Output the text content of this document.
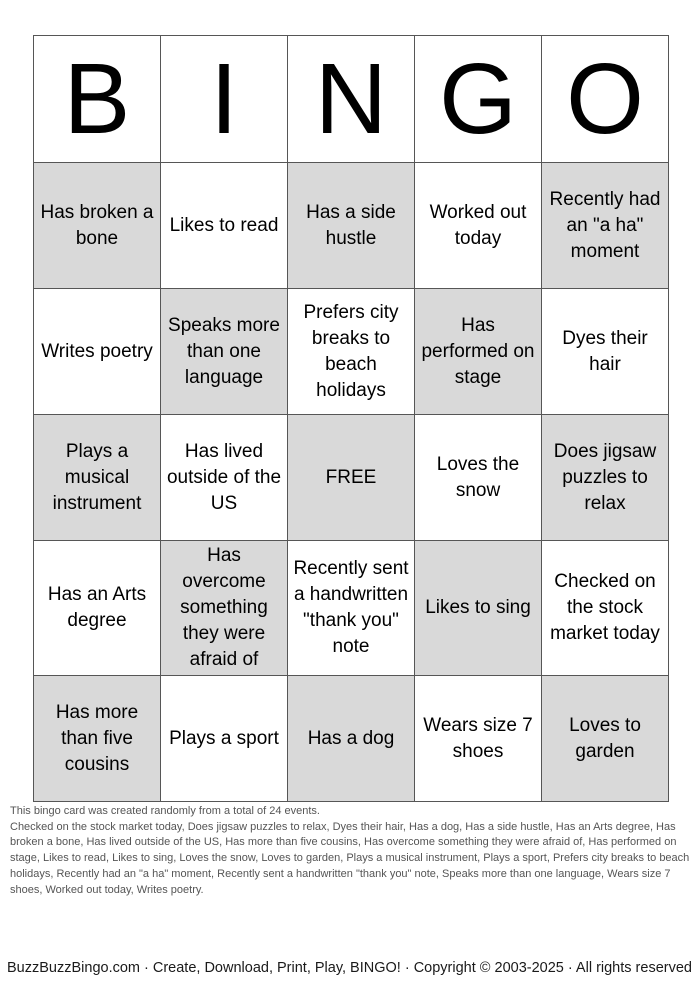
B	I	N	G	O
Has broken a bone	Likes to read	Has a side hustle	Worked out today	Recently had an "a ha" moment
Writes poetry	Speaks more than one language	Prefers city breaks to beach holidays	Has performed on stage	Dyes their hair
Plays a musical instrument	Has lived outside of the US	FREE	Loves the snow	Does jigsaw puzzles to relax
Has an Arts degree	Has overcome something they were afraid of	Recently sent a handwritten "thank you" note	Likes to sing	Checked on the stock market today
Has more than five cousins	Plays a sport	Has a dog	Wears size 7 shoes	Loves to garden
This bingo card was created randomly from a total of 24 events.
Checked on the stock market today, Does jigsaw puzzles to relax, Dyes their hair, Has a dog, Has a side hustle, Has an Arts degree, Has broken a bone, Has lived outside of the US, Has more than five cousins, Has overcome something they were afraid of, Has performed on stage, Likes to read, Likes to sing, Loves the snow, Loves to garden, Plays a musical instrument, Plays a sport, Prefers city breaks to beach holidays, Recently had an "a ha" moment, Recently sent a handwritten "thank you" note, Speaks more than one language, Wears size 7 shoes, Worked out today, Writes poetry.
BuzzBuzzBingo.com · Create, Download, Print, Play, BINGO! · Copyright © 2003-2025 · All rights reserved
